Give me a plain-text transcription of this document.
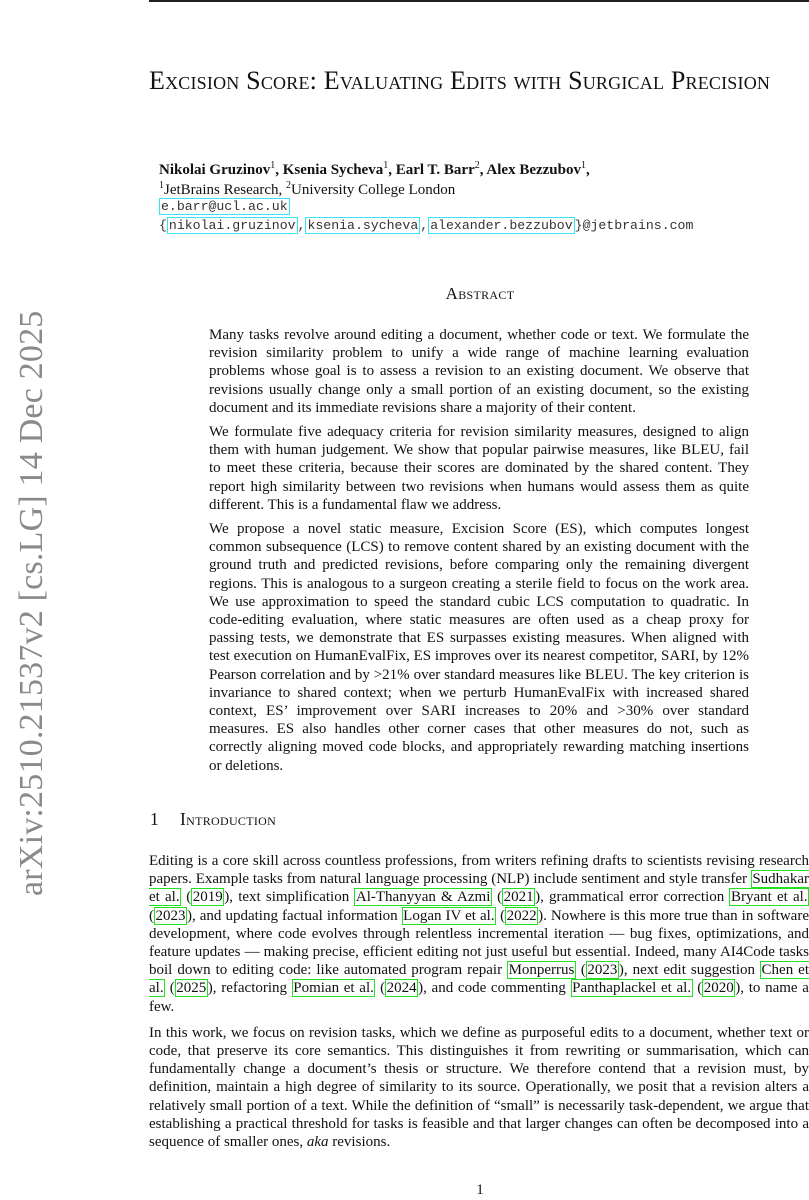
arXiv:2510.21537v2 [cs.LG] 14 Dec 2025
Excision Score: Evaluating Edits with Surgical Precision
Nikolai Gruzinov$^1$, Ksenia Sycheva$^1$, Earl T. Barr$^2$, Alex Bezzubov$^1$,
$^1$JetBrains Research, $^2$University College London
e.barr@ucl.ac.uk
{ nikolai.gruzinov , ksenia.sycheva , alexander.bezzubov }@jetbrains.com
Abstract

Many tasks revolve around editing a document, whether code or text. We formulate the revision similarity problem to unify a wide range of machine learning evaluation problems whose goal is to assess a revision to an existing document. We observe that revisions usually change only a small portion of an existing document, so the existing document and its immediate revisions share a majority of their content.

We formulate five adequacy criteria for revision similarity measures, designed to align them with human judgement. We show that popular pairwise measures, like BLEU, fail to meet these criteria, because their scores are dominated by the shared content. They report high similarity between two revisions when humans would assess them as quite different. This is a fundamental flaw we address.

We propose a novel static measure, Excision Score (ES), which computes longest common subsequence (LCS) to remove content shared by an existing document with the ground truth and predicted revisions, before comparing only the remaining divergent regions. This is analogous to a surgeon creating a sterile field to focus on the work area. We use approximation to speed the standard cubic LCS computation to quadratic. In code-editing evaluation, where static measures are often used as a cheap proxy for passing tests, we demonstrate that ES surpasses existing measures. When aligned with test execution on HumanEvalFix, ES improves over its nearest competitor, SARI, by 12% Pearson correlation and by >21% over standard measures like BLEU. The key criterion is invariance to shared context; when we perturb HumanEvalFix with increased shared context, ES’ improvement over SARI increases to 20% and >30% over standard measures. ES also handles other corner cases that other measures do not, such as correctly aligning moved code blocks, and appropriately rewarding matching insertions or deletions.

1 Introduction

Editing is a core skill across countless professions, from writers refining drafts to scientists revising research papers. Example tasks from natural language processing (NLP) include sentiment and style transfer Sudhakar et al. ( 2019 ), text simplification Al-Thanyyan & Azmi ( 2021 ), grammatical error correction Bryant et al. ( 2023 ), and updating factual information Logan IV et al. ( 2022 ). Nowhere is this more true than in software development, where code evolves through relentless incremental iteration — bug fixes, optimizations, and feature updates — making precise, efficient editing not just useful but essential. Indeed, many AI4Code tasks boil down to editing code: like automated program repair Monperrus ( 2023 ), next edit suggestion Chen et al. ( 2025 ), refactoring Pomian et al. ( 2024 ), and code commenting Panthaplackel et al. ( 2020 ), to name a few.

In this work, we focus on revision tasks, which we define as purposeful edits to a document, whether text or code, that preserve its core semantics. This distinguishes it from rewriting or summarisation, which can fundamentally change a document’s thesis or structure. We therefore contend that a revision must, by definition, maintain a high degree of similarity to its source. Operationally, we posit that a revision alters a relatively small portion of a text. While the definition of “small” is necessarily task-dependent, we argue that establishing a practical threshold for tasks is feasible and that larger changes can often be decomposed into a sequence of smaller ones, aka revisions.

1
